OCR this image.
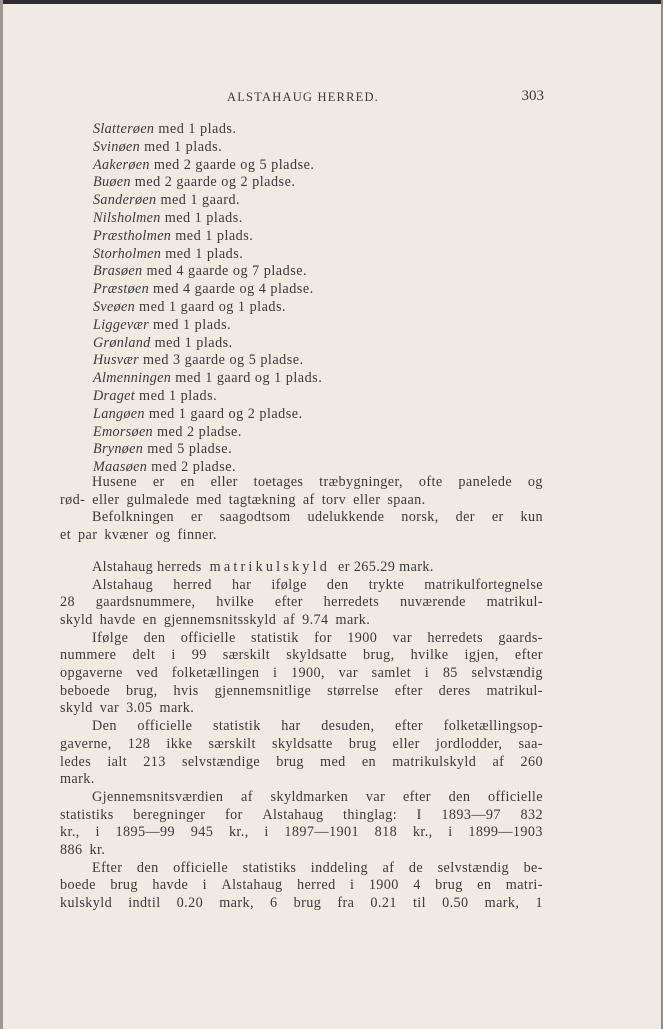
ALSTAHAUG HERRED.	303
Slatterøen med 1 plads.
Svinøen med 1 plads.
Aakerøen med 2 gaarde og 5 pladse.
Buøen med 2 gaarde og 2 pladse.
Sanderøen med 1 gaard.
Nilsholmen med 1 plads.
Præstholmen med 1 plads.
Storholmen med 1 plads.
Brasøen med 4 gaarde og 7 pladse.
Præstøen med 4 gaarde og 4 pladse.
Sveøen med 1 gaard og 1 plads.
Liggevær med 1 plads.
Grønland med 1 plads.
Husvær med 3 gaarde og 5 pladse.
Almenningen med 1 gaard og 1 plads.
Draget med 1 plads.
Langøen med 1 gaard og 2 pladse.
Emorsøen med 2 pladse.
Brynøen med 5 pladse.
Maasøen med 2 pladse.
Husene er en eller toetages træbygninger, ofte panelede og
rød- eller gulmalede med tagtækning af torv eller spaan.
Befolkningen er saagodtsom udelukkende norsk, der er kun
et par kvæner og finner.
Alstahaug herreds matrikulskyld er 265.29 mark.
Alstahaug herred har ifølge den trykte matrikulfortegnelse
28 gaardsnummere, hvilke efter herredets nuværende matrikul-
skyld havde en gjennemsnitsskyld af 9.74 mark.
Ifølge den officielle statistik for 1900 var herredets gaards-
nummere delt i 99 særskilt skyldsatte brug, hvilke igjen, efter
opgaverne ved folketællingen i 1900, var samlet i 85 selvstændig
beboede brug, hvis gjennemsnitlige størrelse efter deres matrikul-
skyld var 3.05 mark.
Den officielle statistik har desuden, efter folketællingsop-
gaverne, 128 ikke særskilt skyldsatte brug eller jordlodder, saa-
ledes ialt 213 selvstændige brug med en matrikulskyld af 260
mark.
Gjennemsnitsværdien af skyldmarken var efter den officielle
statistiks beregninger for Alstahaug thinglag: I 1893—97 832
kr., i 1895—99 945 kr., i 1897—1901 818 kr., i 1899—1903
886 kr.
Efter den officielle statistiks inddeling af de selvstændig be-
boede brug havde i Alstahaug herred i 1900 4 brug en matri-
kulskyld indtil 0.20 mark, 6 brug fra 0.21 til 0.50 mark, 1
